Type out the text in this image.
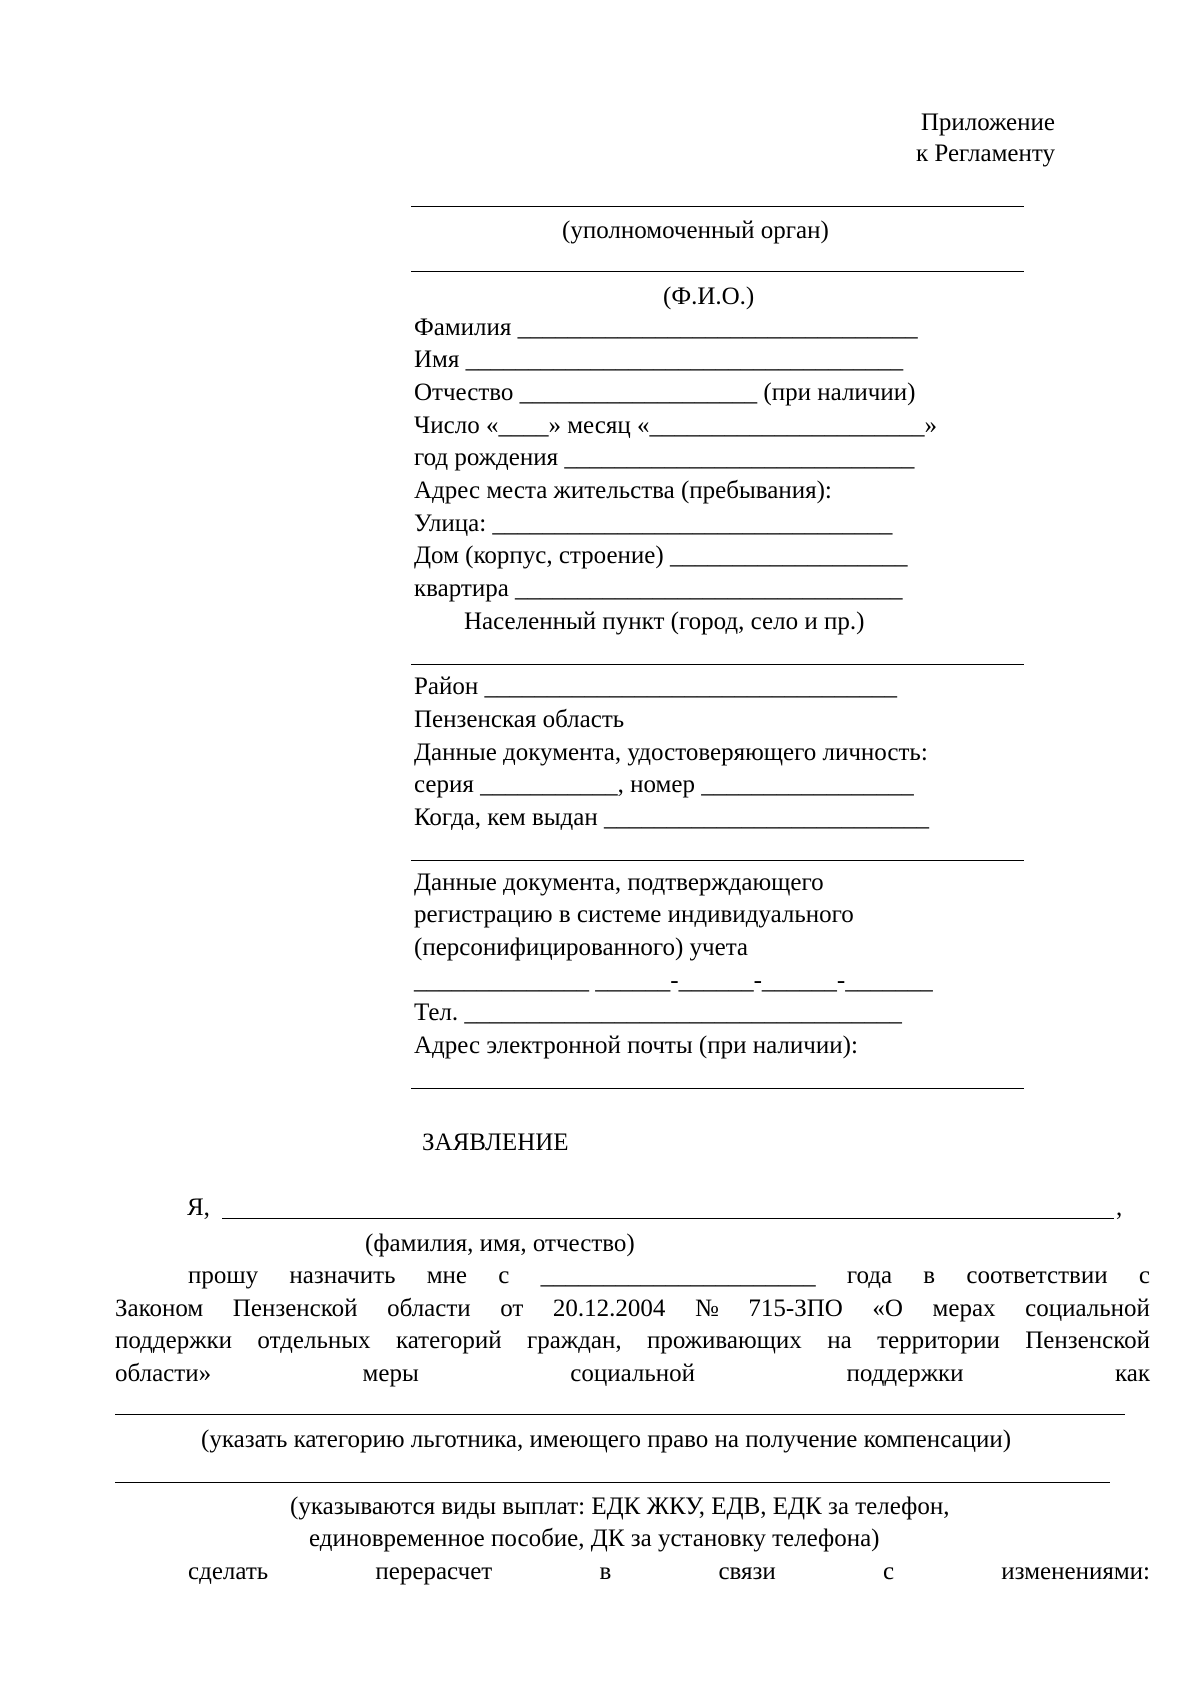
Приложение
к Регламенту
(уполномоченный орган)
(Ф.И.О.)
Фамилия ________________________________
Имя ___________________________________
Отчество ___________________ (при наличии)
Число «____» месяц «______________________»
год рождения ____________________________
Адрес места жительства (пребывания):
Улица: ________________________________
Дом (корпус, строение) ___________________
квартира _______________________________
Населенный пункт (город, село и пр.)
Район _________________________________
Пензенская область
Данные документа, удостоверяющего личность:
серия ___________, номер _________________
Когда, кем выдан __________________________
Данные документа, подтверждающего
регистрацию в системе индивидуального
(персонифицированного) учета
______________ ______-______-______-_______
Тел. ___________________________________
Адрес электронной почты (при наличии):
ЗАЯВЛЕНИЕ
Я,	,
(фамилия, имя, отчество)
прошу назначить мне с ______________________ года в соответствии с
Законом Пензенской области от 20.12.2004 № 715-ЗПО «О мерах социальной
поддержки отдельных категорий граждан, проживающих на территории Пензенской
области»	меры	социальной	поддержки	как
(указать категорию льготника, имеющего право на получение компенсации)
(указываются виды выплат: ЕДК ЖКУ, ЕДВ, ЕДК за телефон,
единовременное пособие, ДК за установку телефона)
сделать	перерасчет	в	связи	с	изменениями:
